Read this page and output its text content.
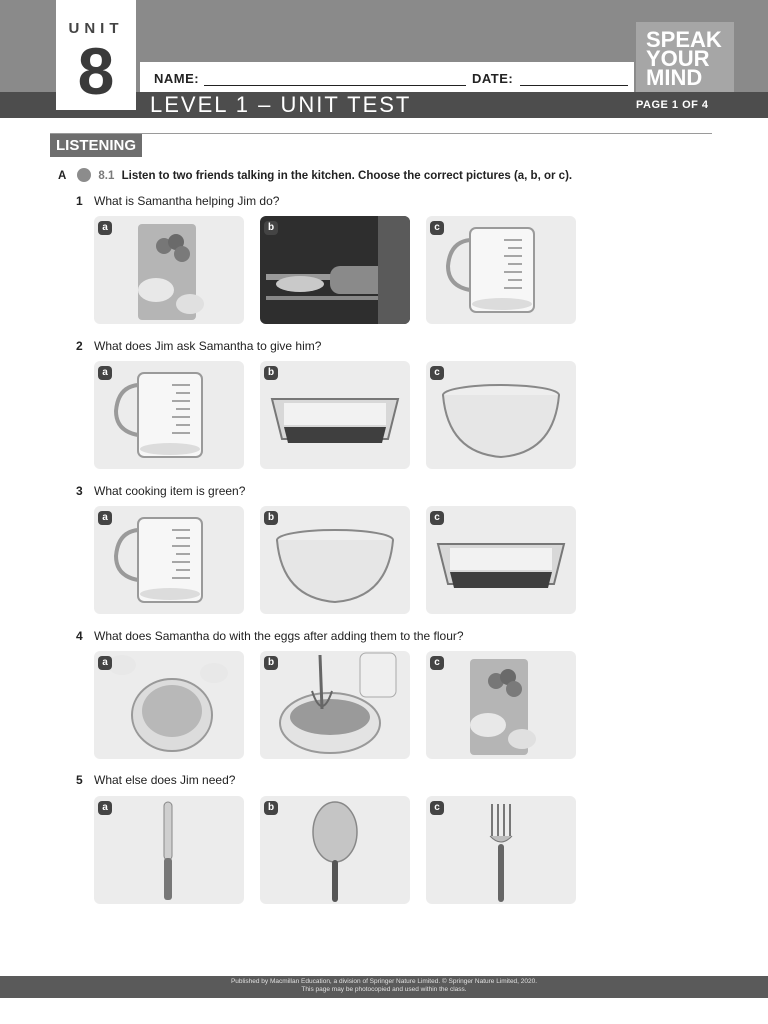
UNIT
8	NAME:	DATE:
LEVEL 1 – UNIT TEST
SPEAK
YOUR
MIND
PAGE 1 OF 4
LISTENING
A	8.1 Listen to two friends talking in the kitchen. Choose the correct pictures (a, b, or c).
1 What is Samantha helping Jim do?
a	b	c
2 What does Jim ask Samantha to give him?
a	b	c
3 What cooking item is green?
a	b	c
4 What does Samantha do with the eggs after adding them to the flour?
a	b	c
5 What else does Jim need?
a	b	c
Published by Macmillan Education, a division of Springer Nature Limited. © Springer Nature Limited, 2020.
This page may be photocopied and used within the class.
